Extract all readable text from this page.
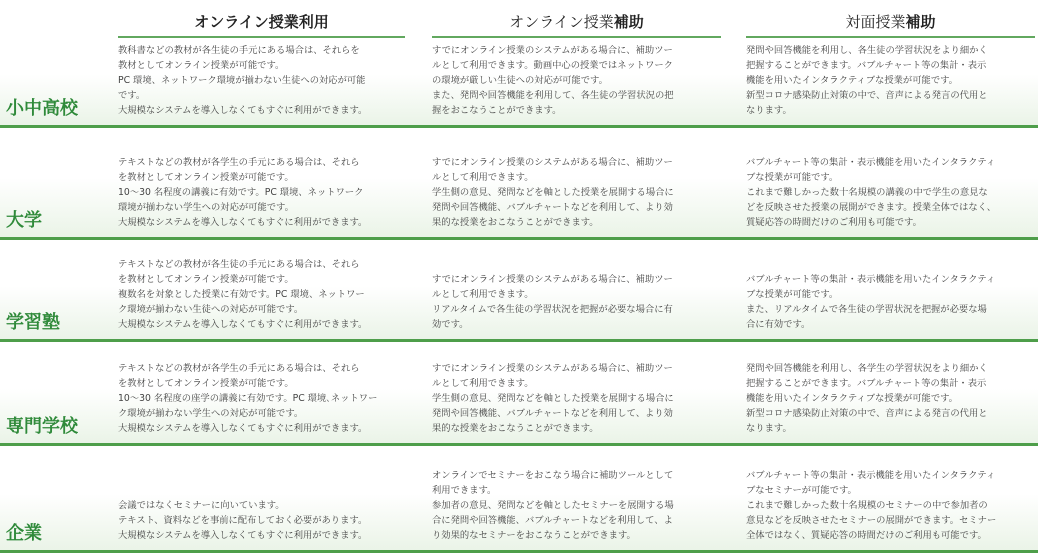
オンライン授業利用	オンライン授業補助	対面授業補助
小中高校
教科書などの教材が各生徒の手元にある場合は、それらを
教材としてオンライン授業が可能です。
PC 環境、ネットワーク環境が揃わない生徒への対応が可能
です。
大規模なシステムを導入しなくてもすぐに利用ができます。
すでにオンライン授業のシステムがある場合に、補助ツー
ルとして利用できます。動画中心の授業ではネットワーク
の環境が厳しい生徒への対応が可能です。
また、発問や回答機能を利用して、各生徒の学習状況の把
握をおこなうことができます。
発問や回答機能を利用し、各生徒の学習状況をより細かく
把握することができます。バブルチャート等の集計・表示
機能を用いたインタラクティブな授業が可能です。
新型コロナ感染防止対策の中で、音声による発言の代用と
なります。
大学
テキストなどの教材が各学生の手元にある場合は、それら
を教材としてオンライン授業が可能です。
10～30 名程度の講義に有効です。PC 環境、ネットワーク
環境が揃わない学生への対応が可能です。
大規模なシステムを導入しなくてもすぐに利用ができます。
すでにオンライン授業のシステムがある場合に、補助ツー
ルとして利用できます。
学生側の意見、発問などを軸とした授業を展開する場合に
発問や回答機能、バブルチャートなどを利用して、より効
果的な授業をおこなうことができます。
バブルチャート等の集計・表示機能を用いたインタラクティ
ブな授業が可能です。
これまで難しかった数十名規模の講義の中で学生の意見な
どを反映させた授業の展開ができます。授業全体ではなく、
質疑応答の時間だけのご利用も可能です。
学習塾
テキストなどの教材が各生徒の手元にある場合は、それら
を教材としてオンライン授業が可能です。
複数名を対象とした授業に有効です。PC 環境、ネットワー
ク環境が揃わない生徒への対応が可能です。
大規模なシステムを導入しなくてもすぐに利用ができます。
すでにオンライン授業のシステムがある場合に、補助ツー
ルとして利用できます。
リアルタイムで各生徒の学習状況を把握が必要な場合に有
効です。
バブルチャート等の集計・表示機能を用いたインタラクティ
ブな授業が可能です。
また、リアルタイムで各生徒の学習状況を把握が必要な場
合に有効です。
専門学校
テキストなどの教材が各学生の手元にある場合は、それら
を教材としてオンライン授業が可能です。
10～30 名程度の座学の講義に有効です。PC 環境､ネットワー
ク環境が揃わない学生への対応が可能です。
大規模なシステムを導入しなくてもすぐに利用ができます。
すでにオンライン授業のシステムがある場合に、補助ツー
ルとして利用できます。
学生側の意見、発問などを軸とした授業を展開する場合に
発問や回答機能、バブルチャートなどを利用して、より効
果的な授業をおこなうことができます。
発問や回答機能を利用し、各学生の学習状況をより細かく
把握することができます。バブルチャート等の集計・表示
機能を用いたインタラクティブな授業が可能です。
新型コロナ感染防止対策の中で、音声による発言の代用と
なります。
企業
会議ではなくセミナーに向いています。
テキスト、資料などを事前に配布しておく必要があります。
大規模なシステムを導入しなくてもすぐに利用ができます。
オンラインでセミナーをおこなう場合に補助ツールとして
利用できます。
参加者の意見、発問などを軸としたセミナーを展開する場
合に発問や回答機能、バブルチャートなどを利用して、よ
り効果的なセミナーをおこなうことができます。
バブルチャート等の集計・表示機能を用いたインタラクティ
ブなセミナーが可能です。
これまで難しかった数十名規模のセミナーの中で参加者の
意見などを反映させたセミナーの展開ができます。セミナー
全体ではなく、質疑応答の時間だけのご利用も可能です。
